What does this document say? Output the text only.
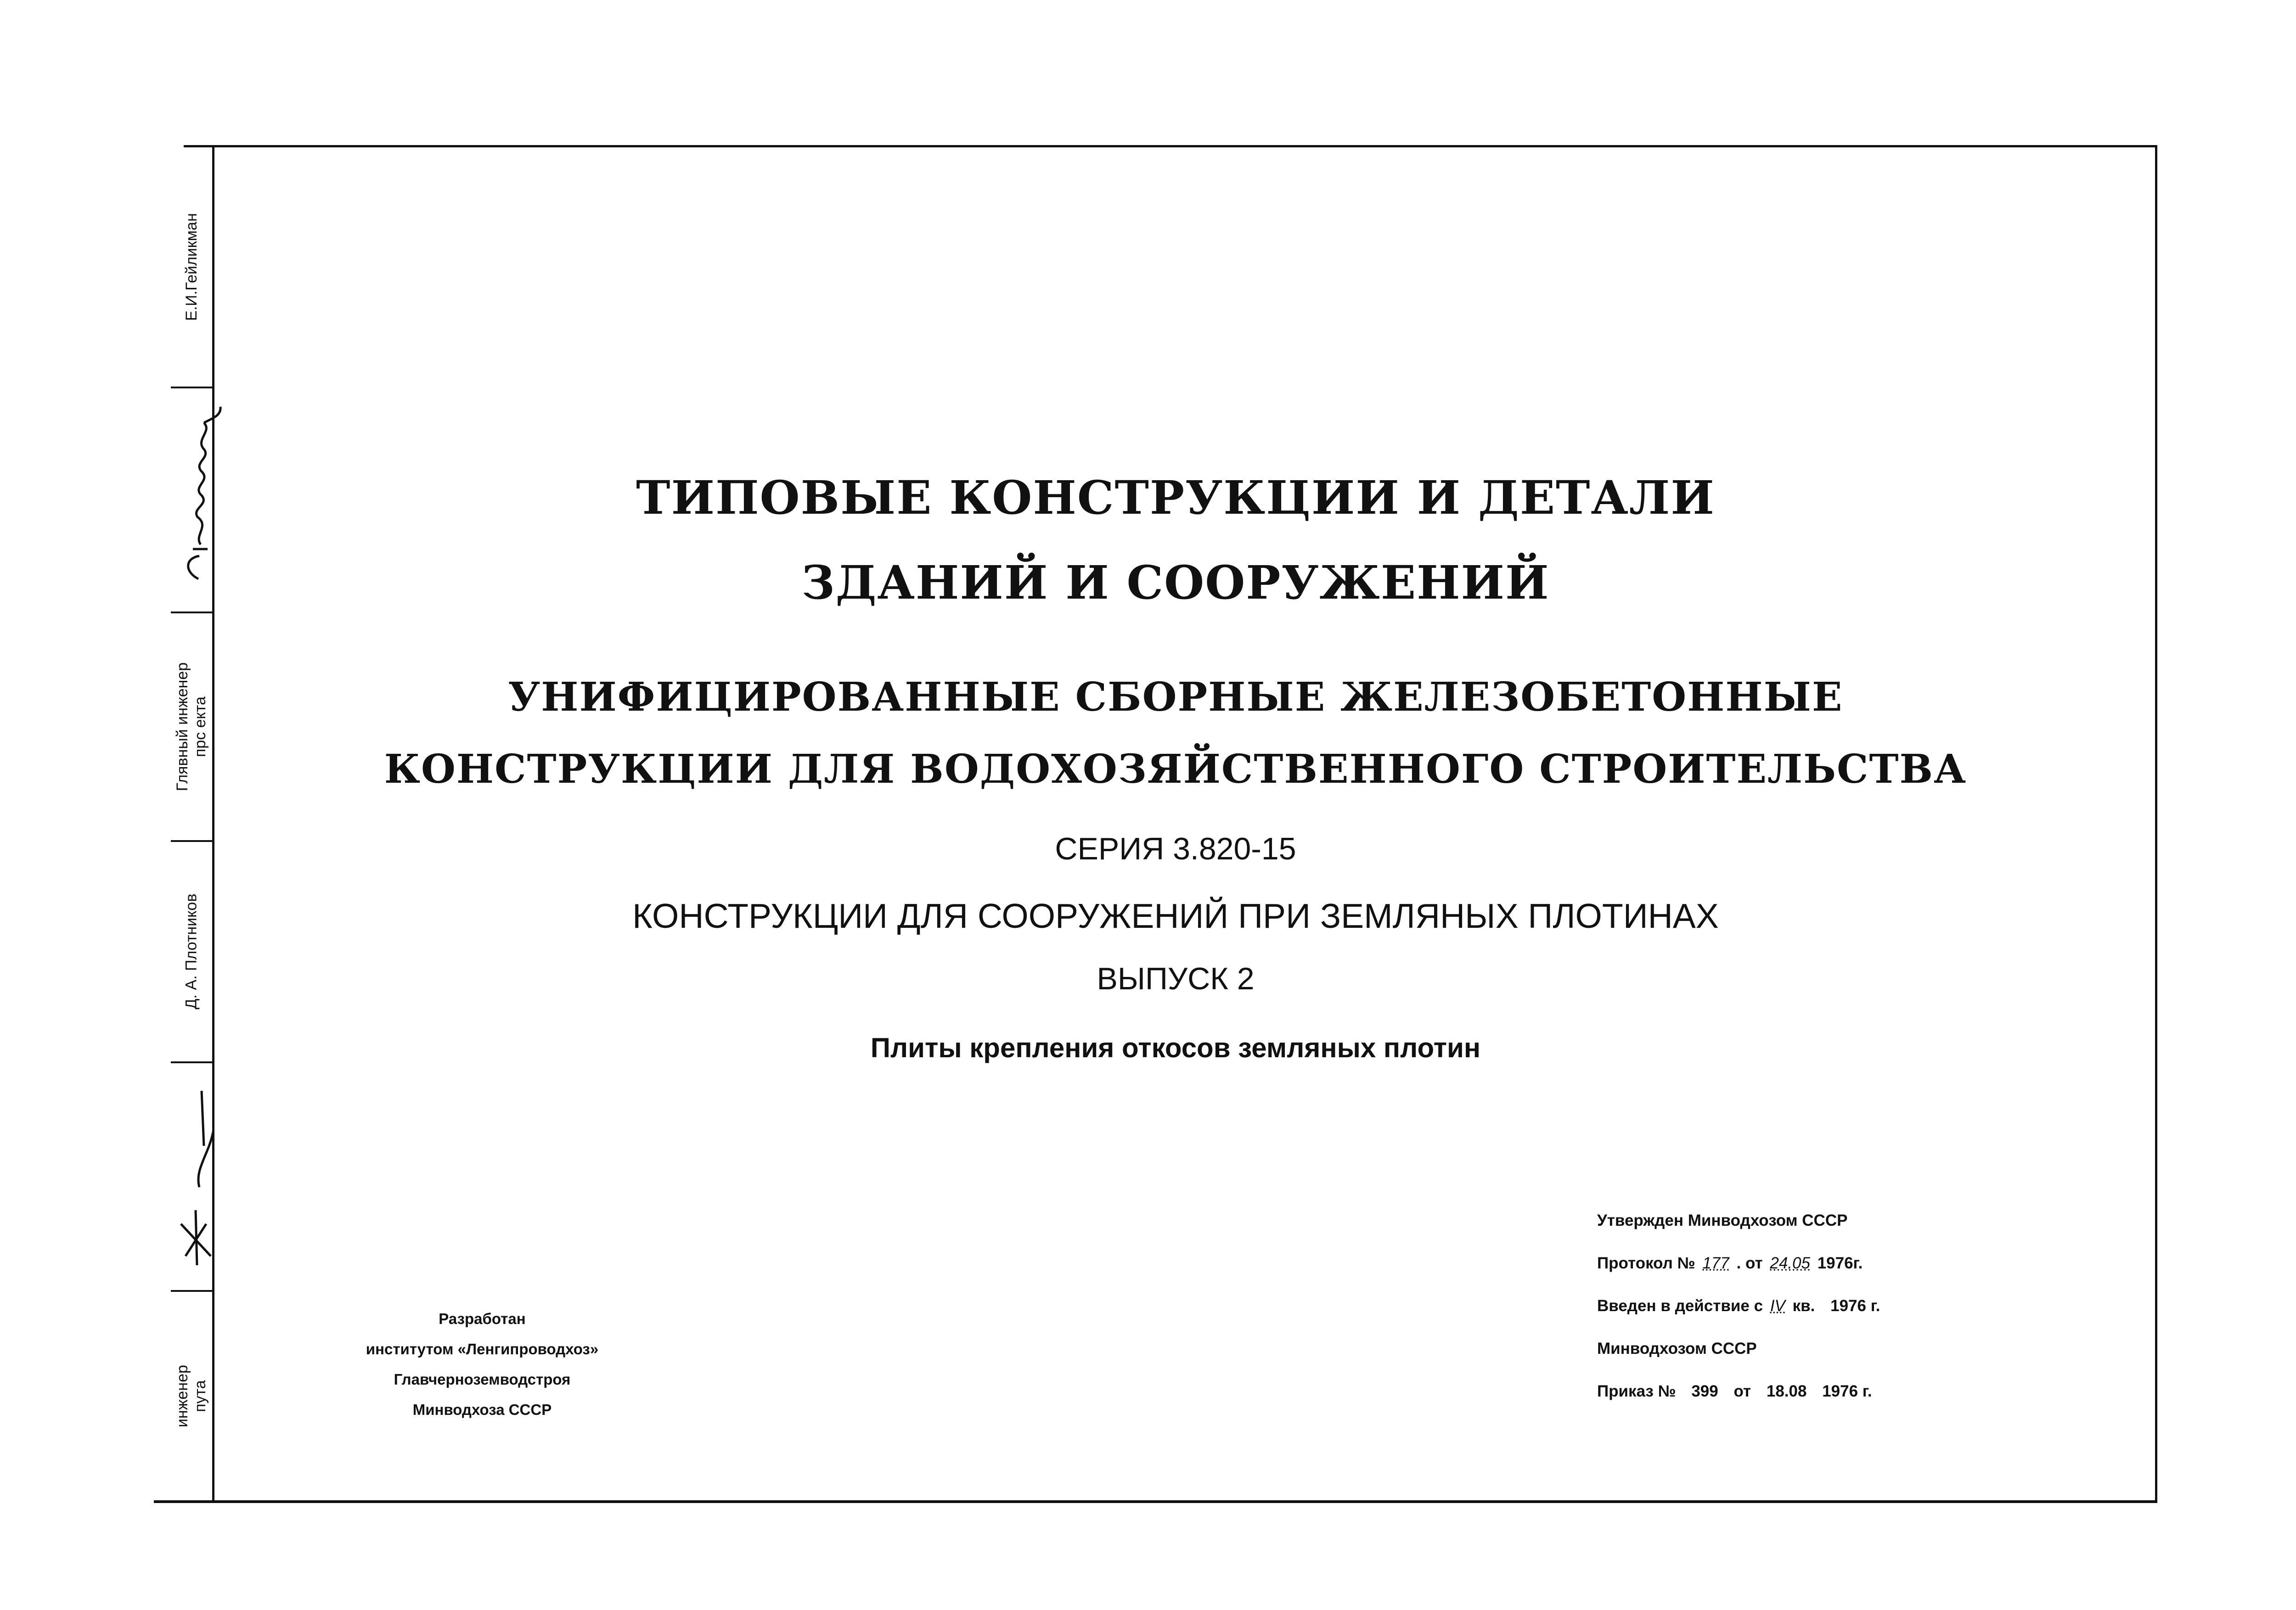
Е.И.Гейликман
Глявный инженер прс екта
Д. А. Плотников
инженер пута
ТИПОВЫЕ КОНСТРУКЦИИ И ДЕТАЛИ
ЗДАНИЙ И СООРУЖЕНИЙ
УНИФИЦИРОВАННЫЕ СБОРНЫЕ ЖЕЛЕЗОБЕТОННЫЕ
КОНСТРУКЦИИ ДЛЯ ВОДОХОЗЯЙСТВЕННОГО СТРОИТЕЛЬСТВА
СЕРИЯ 3.820-15
КОНСТРУКЦИИ ДЛЯ СООРУЖЕНИЙ ПРИ ЗЕМЛЯНЫХ ПЛОТИНАХ
ВЫПУСК 2
Плиты крепления откосов земляных плотин
Разработан
институтом «Ленгипроводхоз»
Главчерноземводстроя
Минводхоза СССР
Утвержден Минводхозом СССР
Протокол № 177 . от 24.05 1976г.
Введен в действие с IV кв. 1976 г.
Минводхозом СССР
Приказ № 399 от 18.08 1976 г.
